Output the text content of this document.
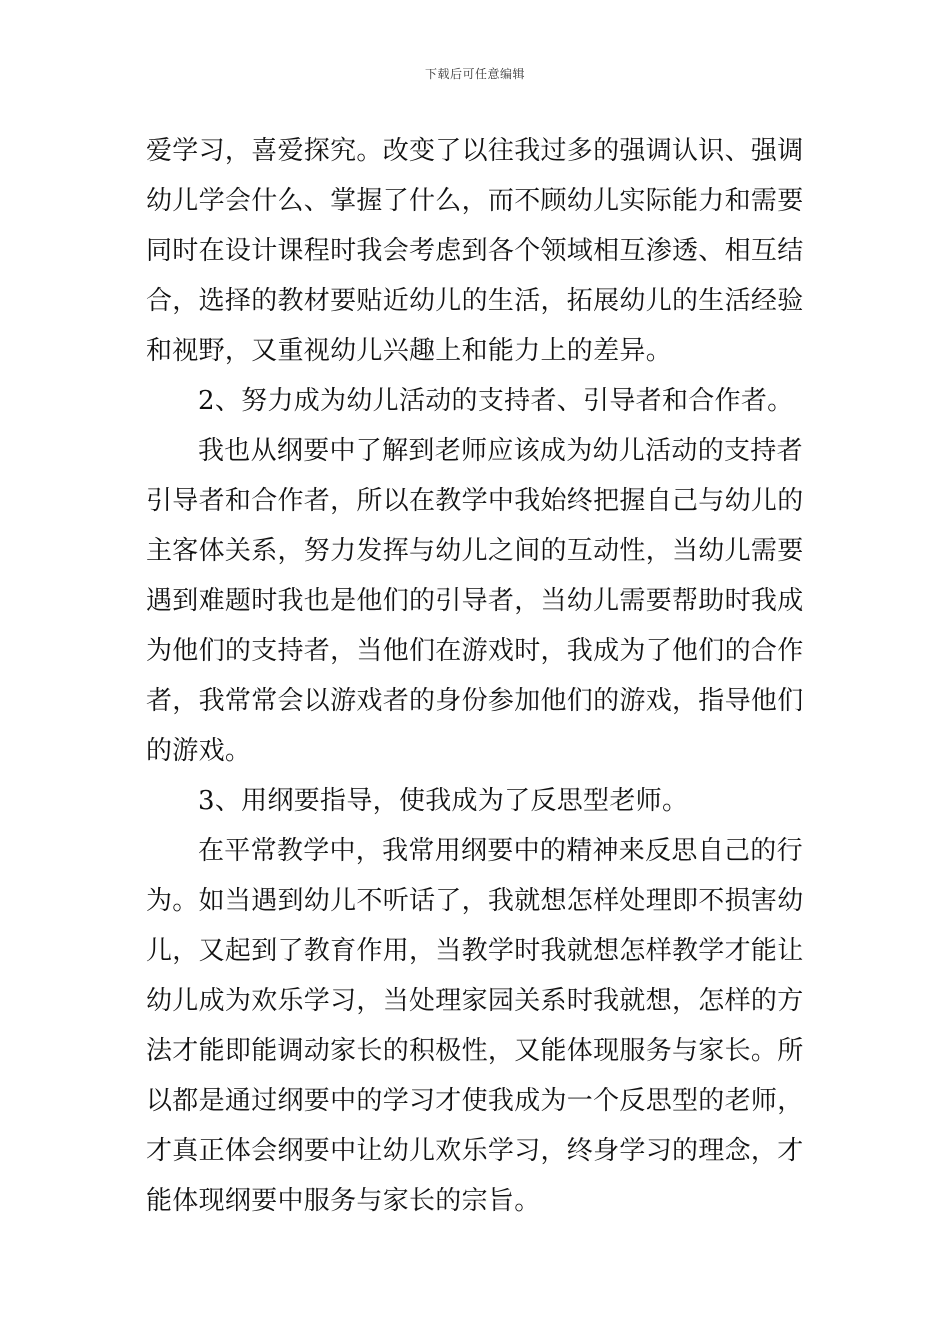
下载后可任意编辑
爱学习，喜爱探究。改变了以往我过多的强调认识、强调
幼儿学会什么、掌握了什么，而不顾幼儿实际能力和需要
同时在设计课程时我会考虑到各个领域相互渗透、相互结
合，选择的教材要贴近幼儿的生活，拓展幼儿的生活经验
和视野，又重视幼儿兴趣上和能力上的差异。
2、努力成为幼儿活动的支持者、引导者和合作者。
我也从纲要中了解到老师应该成为幼儿活动的支持者
引导者和合作者，所以在教学中我始终把握自己与幼儿的
主客体关系，努力发挥与幼儿之间的互动性，当幼儿需要
遇到难题时我也是他们的引导者，当幼儿需要帮助时我成
为他们的支持者，当他们在游戏时，我成为了他们的合作
者，我常常会以游戏者的身份参加他们的游戏，指导他们
的游戏。
3、用纲要指导，使我成为了反思型老师。
在平常教学中，我常用纲要中的精神来反思自己的行
为。如当遇到幼儿不听话了，我就想怎样处理即不损害幼
儿，又起到了教育作用，当教学时我就想怎样教学才能让
幼儿成为欢乐学习，当处理家园关系时我就想，怎样的方
法才能即能调动家长的积极性，又能体现服务与家长。所
以都是通过纲要中的学习才使我成为一个反思型的老师，
才真正体会纲要中让幼儿欢乐学习，终身学习的理念，才
能体现纲要中服务与家长的宗旨。
